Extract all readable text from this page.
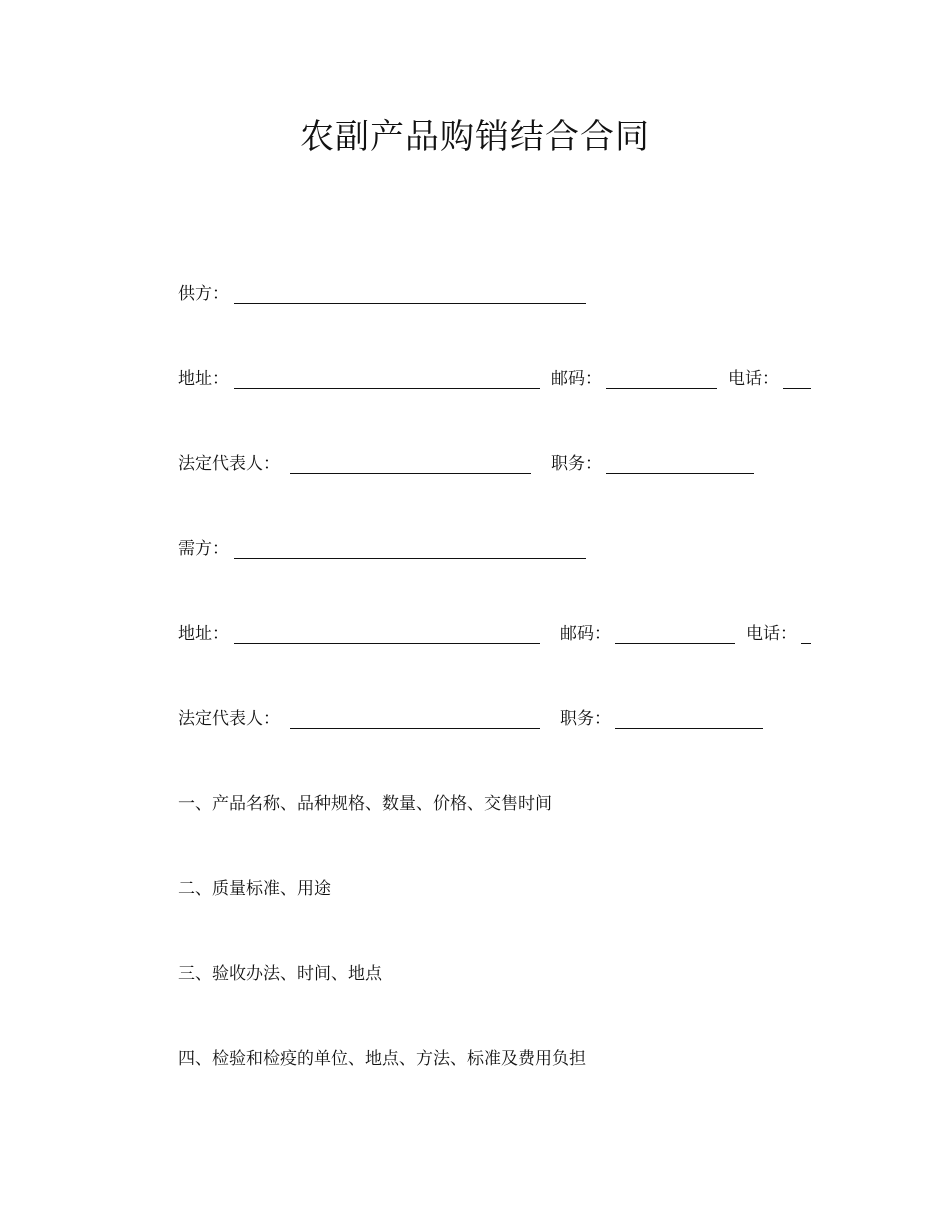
农副产品购销结合合同
供方：
地址：	邮码：	电话：
法定代表人：	职务：
需方：
地址：	邮码：	电话：
法定代表人：	职务：
一、产品名称、品种规格、数量、价格、交售时间
二、质量标准、用途
三、验收办法、时间、地点
四、检验和检疫的单位、地点、方法、标准及费用负担
